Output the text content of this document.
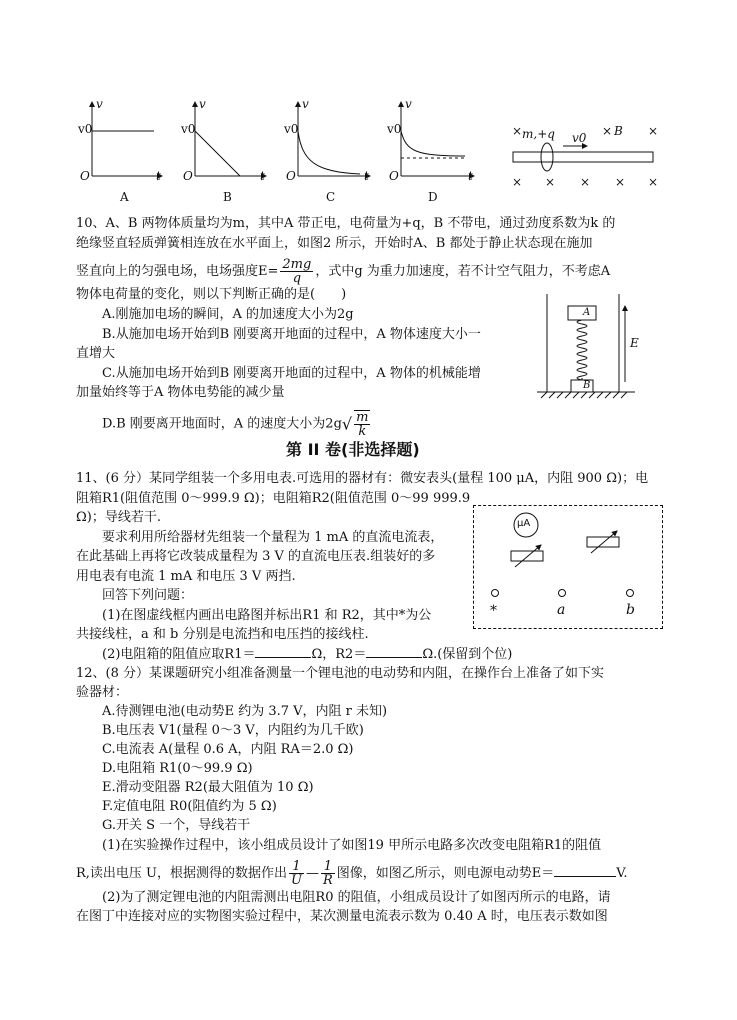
v
v0
O	t
A
v
v0
O	t
B
v
v0
O	t
C
v
v0
O	t
D
× m,+q v0 × B ×
× × × × ×
10、A、B 两物体质量均为m，其中A 带正电，电荷量为+q，B 不带电，通过劲度系数为k 的
绝缘竖直轻质弹簧相连放在水平面上，如图2 所示，开始时A、B 都处于静止状态现在施加
竖直向上的匀强电场，电场强度$E= \frac{2mg}{q}$ ，式中g 为重力加速度，若不计空气阻力，不考虑A
物体电荷量的变化，则以下判断正确的是(　　)
A.刚施加电场的瞬间，A 的加速度大小为2g
B.从施加电场开始到B 刚要离开地面的过程中，A 物体速度大小一
直增大
C.从施加电场开始到B 刚要离开地面的过程中，A 物体的机械能增
加量始终等于A 物体电势能的减少量
D.B 刚要离开地面时，A 的速度大小为$2g√ \frac{m}{k}$
A
B
E
第 II 卷(非选择题)
11、(6 分）某同学组装一个多用电表.可选用的器材有：微安表头(量程 100 μA，内阻 900 Ω)；电
阻箱R1(阻值范围 0～999.9 Ω)；电阻箱R2(阻值范围 0～99 999.9
Ω)；导线若干.
要求利用所给器材先组装一个量程为 1 mA 的直流电流表，
在此基础上再将它改装成量程为 3 V 的直流电压表.组装好的多
用电表有电流 1 mA 和电压 3 V 两挡.
回答下列问题：
(1)在图虚线框内画出电路图并标出R1 和 R2，其中*为公
共接线柱，a 和 b 分别是电流挡和电压挡的接线柱.
(2)电阻箱的阻值应取R1＝	Ω，R2＝	Ω.(保留到个位)
μA
*	a	b
12、(8 分）某课题研究小组准备测量一个锂电池的电动势和内阻，在操作台上准备了如下实
验器材：
A.待测锂电池(电动势E 约为 3.7 V，内阻 r 未知)
B.电压表 V1(量程 0～3 V，内阻约为几千欧)
C.电流表 A(量程 0.6 A，内阻 RA＝2.0 Ω)
D.电阻箱 R1(0～99.9 Ω)
E.滑动变阻器 R2(最大阻值为 10 Ω)
F.定值电阻 R0(阻值约为 5 Ω)
G.开关 S 一个，导线若干
(1)在实验操作过程中，该小组成员设计了如图19 甲所示电路多次改变电阻箱R1的阻值
R,读出电压 U，根据测得的数据作出 $\frac{1}{U}$ — $\frac{1}{R}$ 图像，如图乙所示，则电源电动势E＝	V.
(2)为了测定锂电池的内阻需测出电阻R0 的阻值，小组成员设计了如图丙所示的电路，请
在图丁中连接对应的实物图实验过程中，某次测量电流表示数为 0.40 A 时，电压表示数如图
